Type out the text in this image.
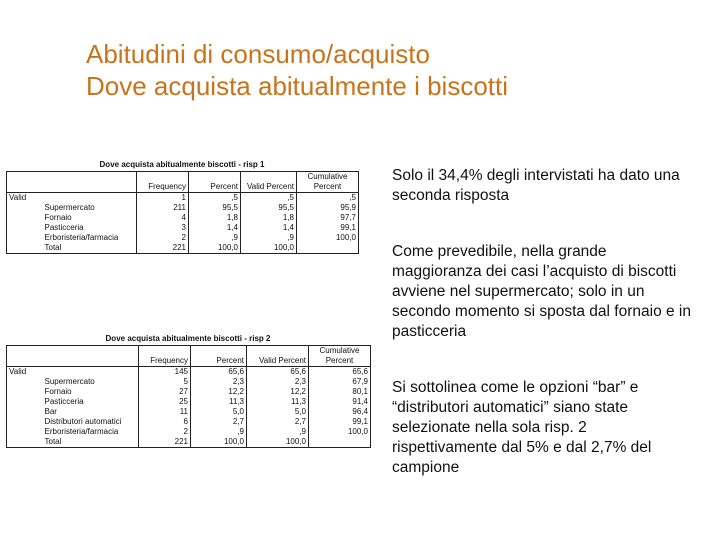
Abitudini di consumo/acquisto
Dove acquista abitualmente i biscotti
Dove acquista abitualmente biscotti - risp 1
		Frequency	Percent	Valid Percent	Cumulative Percent
Valid		1	,5	,5	,5
	Supermercato	211	95,5	95,5	95,9
	Fornaio	4	1,8	1,8	97,7
	Pasticceria	3	1,4	1,4	99,1
	Erboristeria/farmacia	2	,9	,9	100,0
	Total	221	100,0	100,0	
Dove acquista abitualmente biscotti - risp 2
		Frequency	Percent	Valid Percent	Cumulative Percent
Valid		145	65,6	65,6	65,6
	Supermercato	5	2,3	2,3	67,9
	Fornaio	27	12,2	12,2	80,1
	Pasticceria	25	11,3	11,3	91,4
	Bar	11	5,0	5,0	96,4
	Distributori automatici	6	2,7	2,7	99,1
	Erboristeria/farmacia	2	,9	,9	100,0
	Total	221	100,0	100,0	

Solo il 34,4% degli intervistati ha dato una seconda risposta

Come prevedibile, nella grande maggioranza dei casi l’acquisto di biscotti avviene nel supermercato; solo in un secondo momento si sposta dal fornaio e in pasticceria

Si sottolinea come le opzioni “bar” e “distributori automatici” siano state selezionate nella sola risp. 2 rispettivamente dal 5% e dal 2,7% del campione
